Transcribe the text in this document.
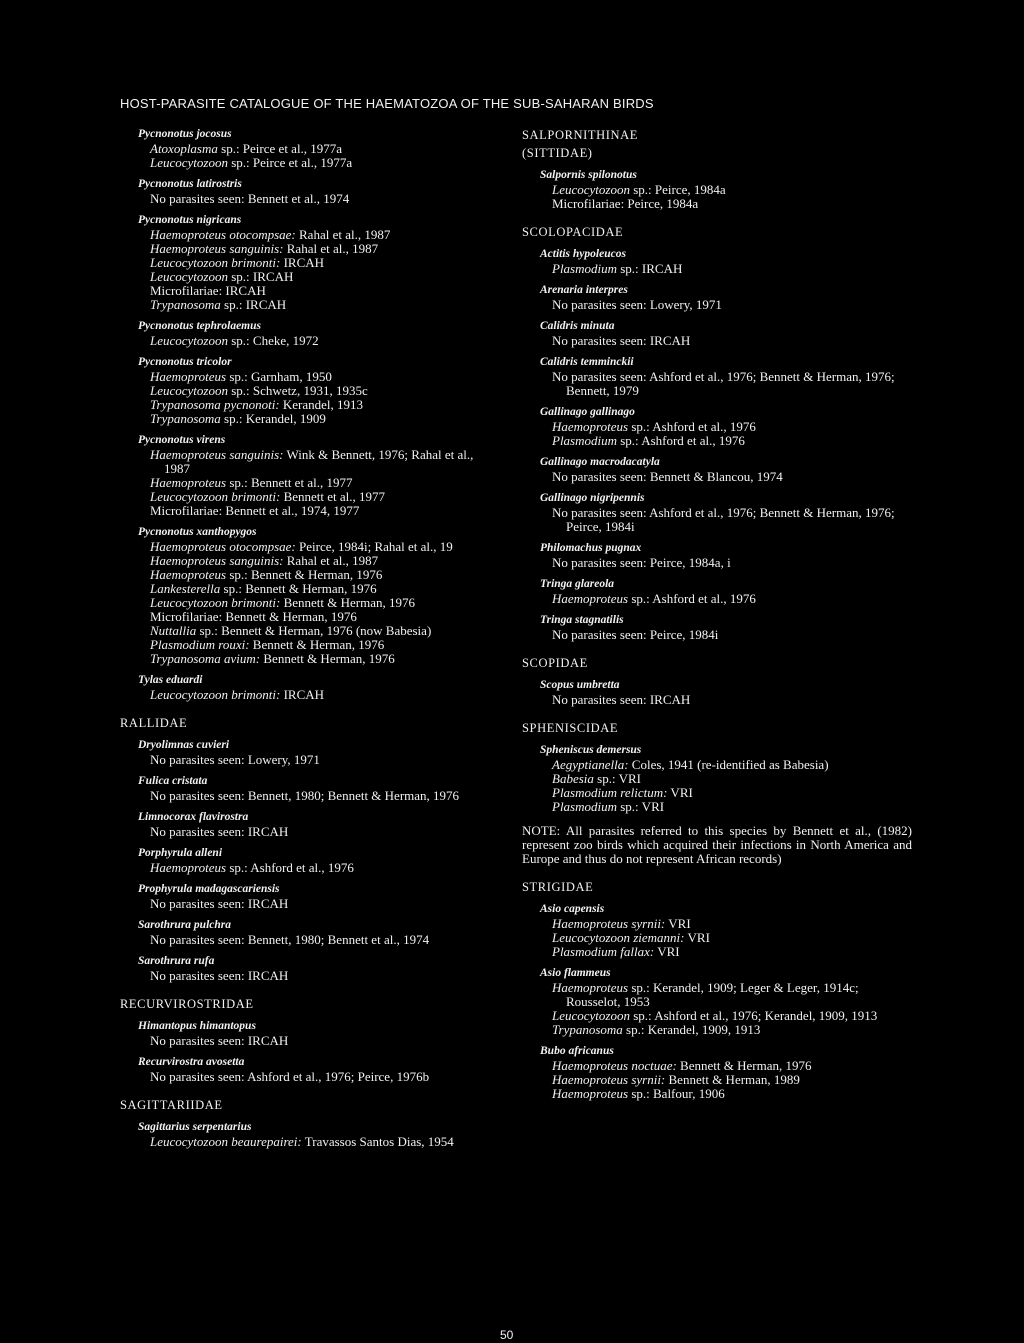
HOST-PARASITE CATALOGUE OF THE HAEMATOZOA OF THE SUB-SAHARAN BIRDS
Pycnonotus jocosus
Atoxoplasma sp.: Peirce et al., 1977a
Leucocytozoon sp.: Peirce et al., 1977a
Pycnonotus latirostris
No parasites seen: Bennett et al., 1974
Pycnonotus nigricans
Haemoproteus otocompsae: Rahal et al., 1987
Haemoproteus sanguinis: Rahal et al., 1987
Leucocytozoon brimonti: IRCAH
Leucocytozoon sp.: IRCAH
Microfilariae: IRCAH
Trypanosoma sp.: IRCAH
Pycnonotus tephrolaemus
Leucocytozoon sp.: Cheke, 1972
Pycnonotus tricolor
Haemoproteus sp.: Garnham, 1950
Leucocytozoon sp.: Schwetz, 1931, 1935c
Trypanosoma pycnonoti: Kerandel, 1913
Trypanosoma sp.: Kerandel, 1909
Pycnonotus virens
Haemoproteus sanguinis: Wink & Bennett, 1976; Rahal et al., 1987
Haemoproteus sp.: Bennett et al., 1977
Leucocytozoon brimonti: Bennett et al., 1977
Microfilariae: Bennett et al., 1974, 1977
Pycnonotus xanthopygos
Haemoproteus otocompsae: Peirce, 1984i; Rahal et al., 19
Haemoproteus sanguinis: Rahal et al., 1987
Haemoproteus sp.: Bennett & Herman, 1976
Lankesterella sp.: Bennett & Herman, 1976
Leucocytozoon brimonti: Bennett & Herman, 1976
Microfilariae: Bennett & Herman, 1976
Nuttallia sp.: Bennett & Herman, 1976 (now Babesia)
Plasmodium rouxi: Bennett & Herman, 1976
Trypanosoma avium: Bennett & Herman, 1976
Tylas eduardi
Leucocytozoon brimonti: IRCAH
RALLIDAE
Dryolimnas cuvieri
No parasites seen: Lowery, 1971
Fulica cristata
No parasites seen: Bennett, 1980; Bennett & Herman, 1976
Limnocorax flavirostra
No parasites seen: IRCAH
Porphyrula alleni
Haemoproteus sp.: Ashford et al., 1976
Prophyrula madagascariensis
No parasites seen: IRCAH
Sarothrura pulchra
No parasites seen: Bennett, 1980; Bennett et al., 1974
Sarothrura rufa
No parasites seen: IRCAH
RECURVIROSTRIDAE
Himantopus himantopus
No parasites seen: IRCAH
Recurvirostra avosetta
No parasites seen: Ashford et al., 1976; Peirce, 1976b
SAGITTARIIDAE
Sagittarius serpentarius
Leucocytozoon beaurepairei: Travassos Santos Dias, 1954
SALPORNITHINAE
(SITTIDAE)
Salpornis spilonotus
Leucocytozoon sp.: Peirce, 1984a
Microfilariae: Peirce, 1984a
SCOLOPACIDAE
Actitis hypoleucos
Plasmodium sp.: IRCAH
Arenaria interpres
No parasites seen: Lowery, 1971
Calidris minuta
No parasites seen: IRCAH
Calidris temminckii
No parasites seen: Ashford et al., 1976; Bennett & Herman, 1976; Bennett, 1979
Gallinago gallinago
Haemoproteus sp.: Ashford et al., 1976
Plasmodium sp.: Ashford et al., 1976
Gallinago macrodacatyla
No parasites seen: Bennett & Blancou, 1974
Gallinago nigripennis
No parasites seen: Ashford et al., 1976; Bennett & Herman, 1976; Peirce, 1984i
Philomachus pugnax
No parasites seen: Peirce, 1984a, i
Tringa glareola
Haemoproteus sp.: Ashford et al., 1976
Tringa stagnatilis
No parasites seen: Peirce, 1984i
SCOPIDAE
Scopus umbretta
No parasites seen: IRCAH
SPHENISCIDAE
Spheniscus demersus
Aegyptianella: Coles, 1941 (re-identified as Babesia)
Babesia sp.: VRI
Plasmodium relictum: VRI
Plasmodium sp.: VRI
NOTE: All parasites referred to this species by Bennett et al., (1982) represent zoo birds which acquired their infections in North America and Europe and thus do not represent African records)
STRIGIDAE
Asio capensis
Haemoproteus syrnii: VRI
Leucocytozoon ziemanni: VRI
Plasmodium fallax: VRI
Asio flammeus
Haemoproteus sp.: Kerandel, 1909; Leger & Leger, 1914c; Rousselot, 1953
Leucocytozoon sp.: Ashford et al., 1976; Kerandel, 1909, 1913
Trypanosoma sp.: Kerandel, 1909, 1913
Bubo africanus
Haemoproteus noctuae: Bennett & Herman, 1976
Haemoproteus syrnii: Bennett & Herman, 1989
Haemoproteus sp.: Balfour, 1906
50
